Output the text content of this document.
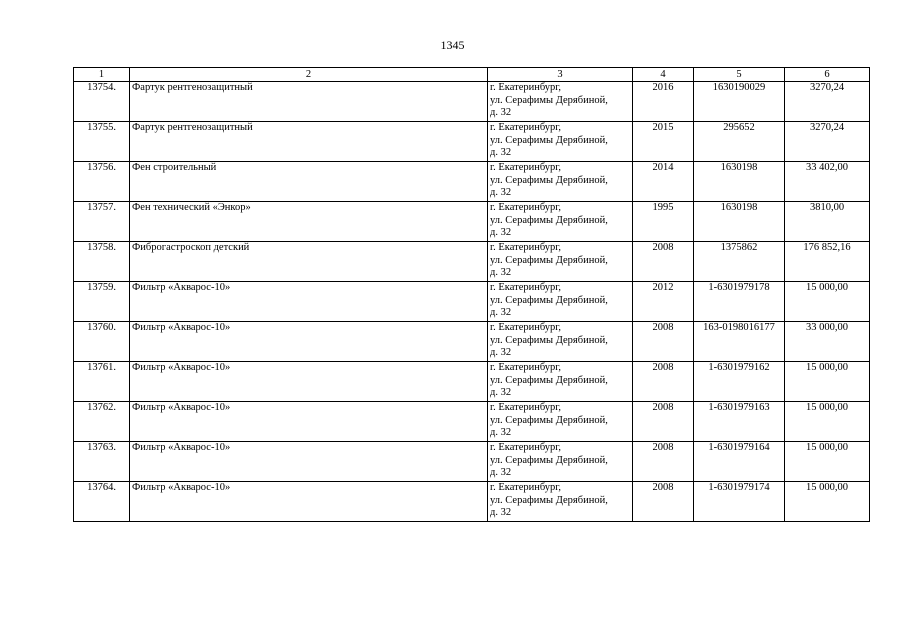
1345
1	2	3	4	5	6
13754.	Фартук рентгенозащитный	г. Екатеринбург,
ул. Серафимы Дерябиной,
д. 32	2016	1630190029	3270,24
13755.	Фартук рентгенозащитный	г. Екатеринбург,
ул. Серафимы Дерябиной,
д. 32	2015	295652	3270,24
13756.	Фен строительный	г. Екатеринбург,
ул. Серафимы Дерябиной,
д. 32	2014	1630198	33 402,00
13757.	Фен технический «Энкор»	г. Екатеринбург,
ул. Серафимы Дерябиной,
д. 32	1995	1630198	3810,00
13758.	Фиброгастроскоп детский	г. Екатеринбург,
ул. Серафимы Дерябиной,
д. 32	2008	1375862	176 852,16
13759.	Фильтр «Акварос-10»	г. Екатеринбург,
ул. Серафимы Дерябиной,
д. 32	2012	1-6301979178	15 000,00
13760.	Фильтр «Акварос-10»	г. Екатеринбург,
ул. Серафимы Дерябиной,
д. 32	2008	163-0198016177	33 000,00
13761.	Фильтр «Акварос-10»	г. Екатеринбург,
ул. Серафимы Дерябиной,
д. 32	2008	1-6301979162	15 000,00
13762.	Фильтр «Акварос-10»	г. Екатеринбург,
ул. Серафимы Дерябиной,
д. 32	2008	1-6301979163	15 000,00
13763.	Фильтр «Акварос-10»	г. Екатеринбург,
ул. Серафимы Дерябиной,
д. 32	2008	1-6301979164	15 000,00
13764.	Фильтр «Акварос-10»	г. Екатеринбург,
ул. Серафимы Дерябиной,
д. 32	2008	1-6301979174	15 000,00
